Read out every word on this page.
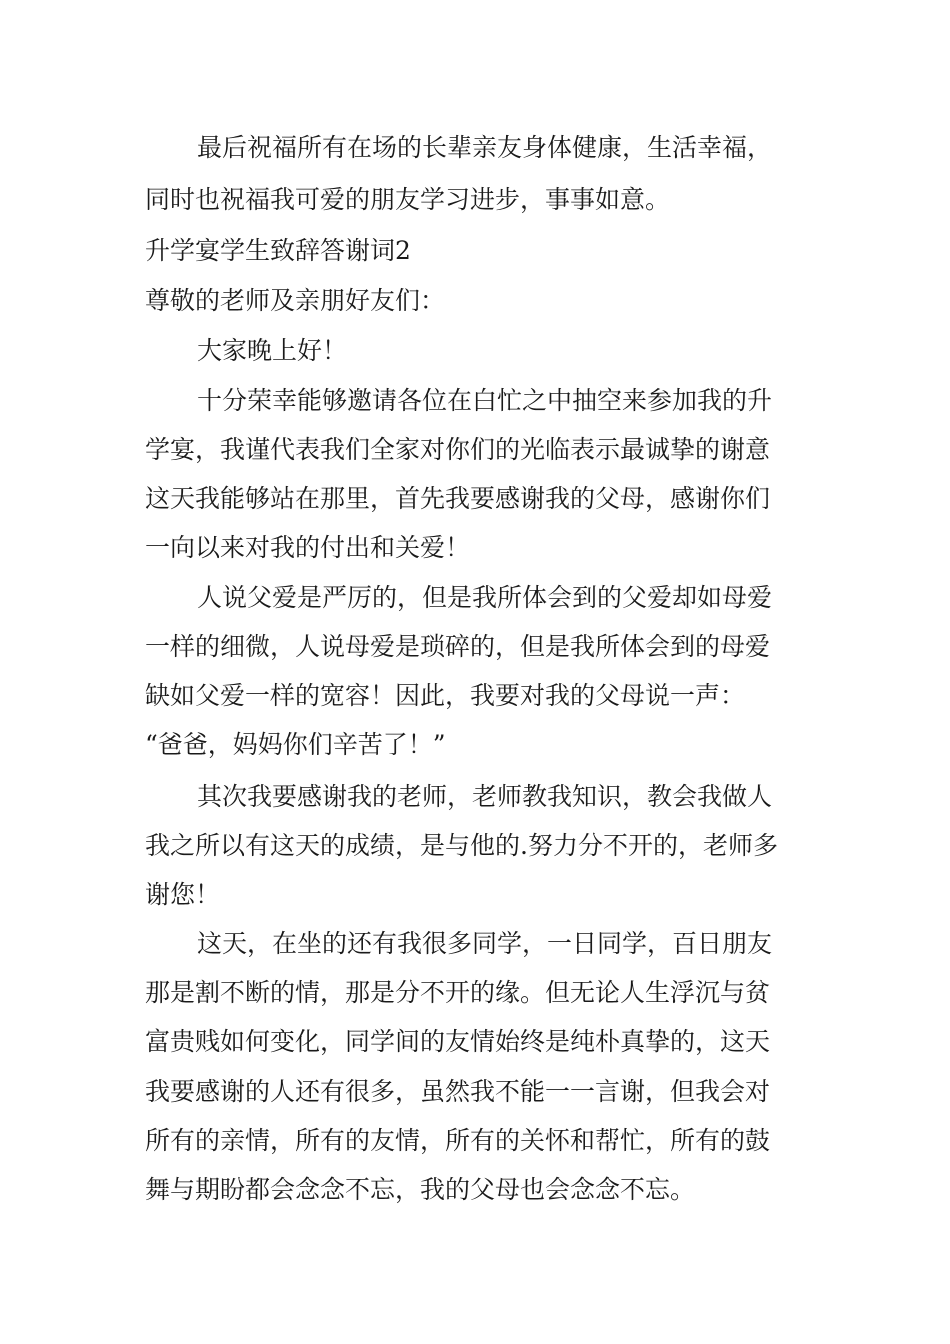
最后祝福所有在场的长辈亲友身体健康，生活幸福，
同时也祝福我可爱的朋友学习进步，事事如意。
升学宴学生致辞答谢词2
尊敬的老师及亲朋好友们：
大家晚上好！
十分荣幸能够邀请各位在白忙之中抽空来参加我的升
学宴，我谨代表我们全家对你们的光临表示最诚挚的谢意
这天我能够站在那里，首先我要感谢我的父母，感谢你们
一向以来对我的付出和关爱！
人说父爱是严厉的，但是我所体会到的父爱却如母爱
一样的细微，人说母爱是琐碎的，但是我所体会到的母爱
缺如父爱一样的宽容！因此，我要对我的父母说一声：
“爸爸，妈妈你们辛苦了！”
其次我要感谢我的老师，老师教我知识，教会我做人
我之所以有这天的成绩，是与他的.努力分不开的，老师多
谢您！
这天，在坐的还有我很多同学，一日同学，百日朋友
那是割不断的情，那是分不开的缘。但无论人生浮沉与贫
富贵贱如何变化，同学间的友情始终是纯朴真挚的，这天
我要感谢的人还有很多，虽然我不能一一言谢，但我会对
所有的亲情，所有的友情，所有的关怀和帮忙，所有的鼓
舞与期盼都会念念不忘，我的父母也会念念不忘。
